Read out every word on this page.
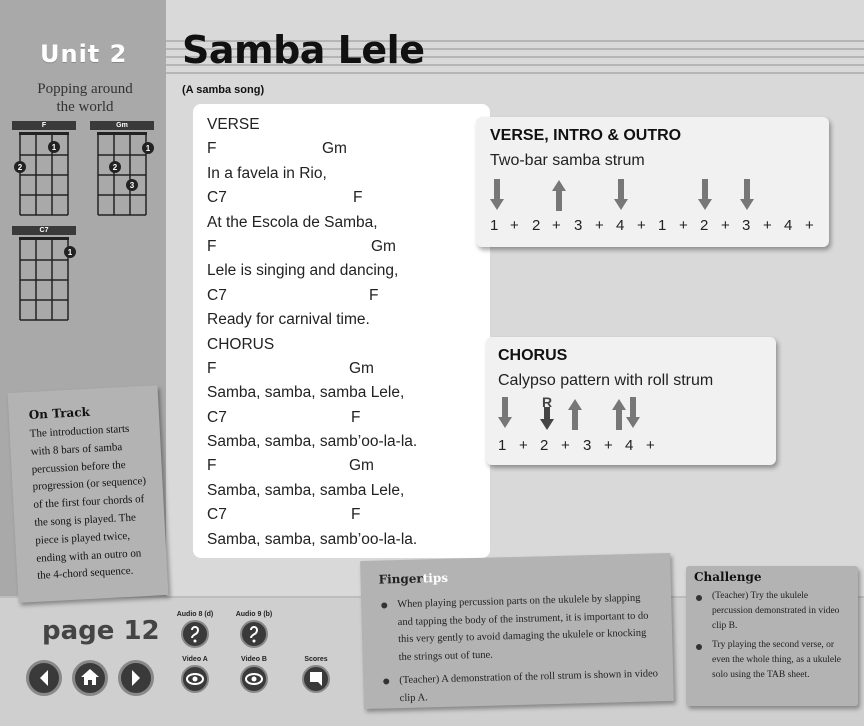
Unit 2
Popping around
the world
F
1
2
Gm
1
2
3
C7
1
Samba Lele
(A samba song)
VERSE
F	Gm
In a favela in Rio,
C7	F
At the Escola de Samba,
F	Gm
Lele is singing and dancing,
C7	F
Ready for carnival time.
CHORUS
F	Gm
Samba, samba, samba Lele,
C7	F
Samba, samba, samb’oo-la-la.
F	Gm
Samba, samba, samba Lele,
C7	F
Samba, samba, samb’oo-la-la.
VERSE, INTRO & OUTRO

Two-bar samba strum

1 + 2 + 3 + 4 + 1 + 2 + 3 + 4 +
CHORUS

Calypso pattern with roll strum

R
1 + 2 + 3 + 4 +
On Track

The introduction starts
with 8 bars of samba
percussion before the
progression (or sequence)
of the first four chords of
the song is played. The
piece is played twice,
ending with an outro on
the 4-chord sequence.	Fingertips
When playing percussion parts on the ukulele by slapping and tapping the body of the instrument, it is important to do this very gently to avoid damaging the ukulele or knocking the strings out of tune.
(Teacher) A demonstration of the roll strum is shown in video clip A.
Challenge
(Teacher) Try the ukulele percussion demonstrated in video clip B.
Try playing the second verse, or even the whole thing, as a ukulele solo using the TAB sheet.
page 12
Audio 8 (d)	Audio 9 (b)
Video A	Video B	Scores
